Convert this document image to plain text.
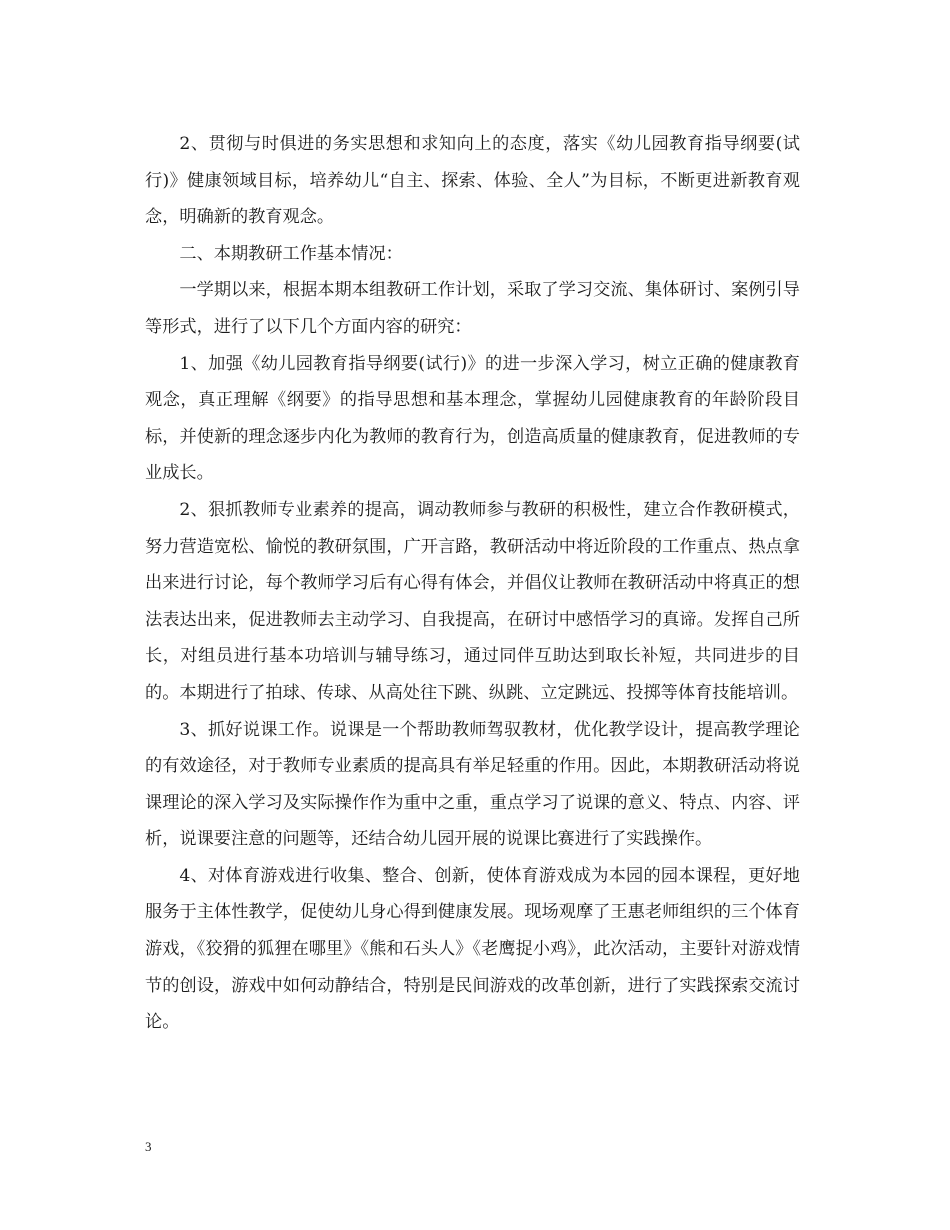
2、贯彻与时俱进的务实思想和求知向上的态度，落实《幼儿园教育指导纲要(试行)》健康领域目标，培养幼儿“自主、探索、体验、全人”为目标，不断更进新教育观念，明确新的教育观念。

二、本期教研工作基本情况：

一学期以来，根据本期本组教研工作计划，采取了学习交流、集体研讨、案例引导等形式，进行了以下几个方面内容的研究：

1、加强《幼儿园教育指导纲要(试行)》的进一步深入学习，树立正确的健康教育观念，真正理解《纲要》的指导思想和基本理念，掌握幼儿园健康教育的年龄阶段目标，并使新的理念逐步内化为教师的教育行为，创造高质量的健康教育，促进教师的专业成长。

2、狠抓教师专业素养的提高，调动教师参与教研的积极性，建立合作教研模式，努力营造宽松、愉悦的教研氛围，广开言路，教研活动中将近阶段的工作重点、热点拿出来进行讨论，每个教师学习后有心得有体会，并倡仪让教师在教研活动中将真正的想法表达出来，促进教师去主动学习、自我提高，在研讨中感悟学习的真谛。发挥自己所长，对组员进行基本功培训与辅导练习，通过同伴互助达到取长补短，共同进步的目的。本期进行了拍球、传球、从高处往下跳、纵跳、立定跳远、投掷等体育技能培训。

3、抓好说课工作。说课是一个帮助教师驾驭教材，优化教学设计，提高教学理论的有效途径，对于教师专业素质的提高具有举足轻重的作用。因此，本期教研活动将说课理论的深入学习及实际操作作为重中之重，重点学习了说课的意义、特点、内容、评析，说课要注意的问题等，还结合幼儿园开展的说课比赛进行了实践操作。

4、对体育游戏进行收集、整合、创新，使体育游戏成为本园的园本课程，更好地服务于主体性教学，促使幼儿身心得到健康发展。现场观摩了王惠老师组织的三个体育游戏，《狡猾的狐狸在哪里》《熊和石头人》《老鹰捉小鸡》，此次活动，主要针对游戏情节的创设，游戏中如何动静结合，特别是民间游戏的改革创新，进行了实践探索交流讨论。

3
